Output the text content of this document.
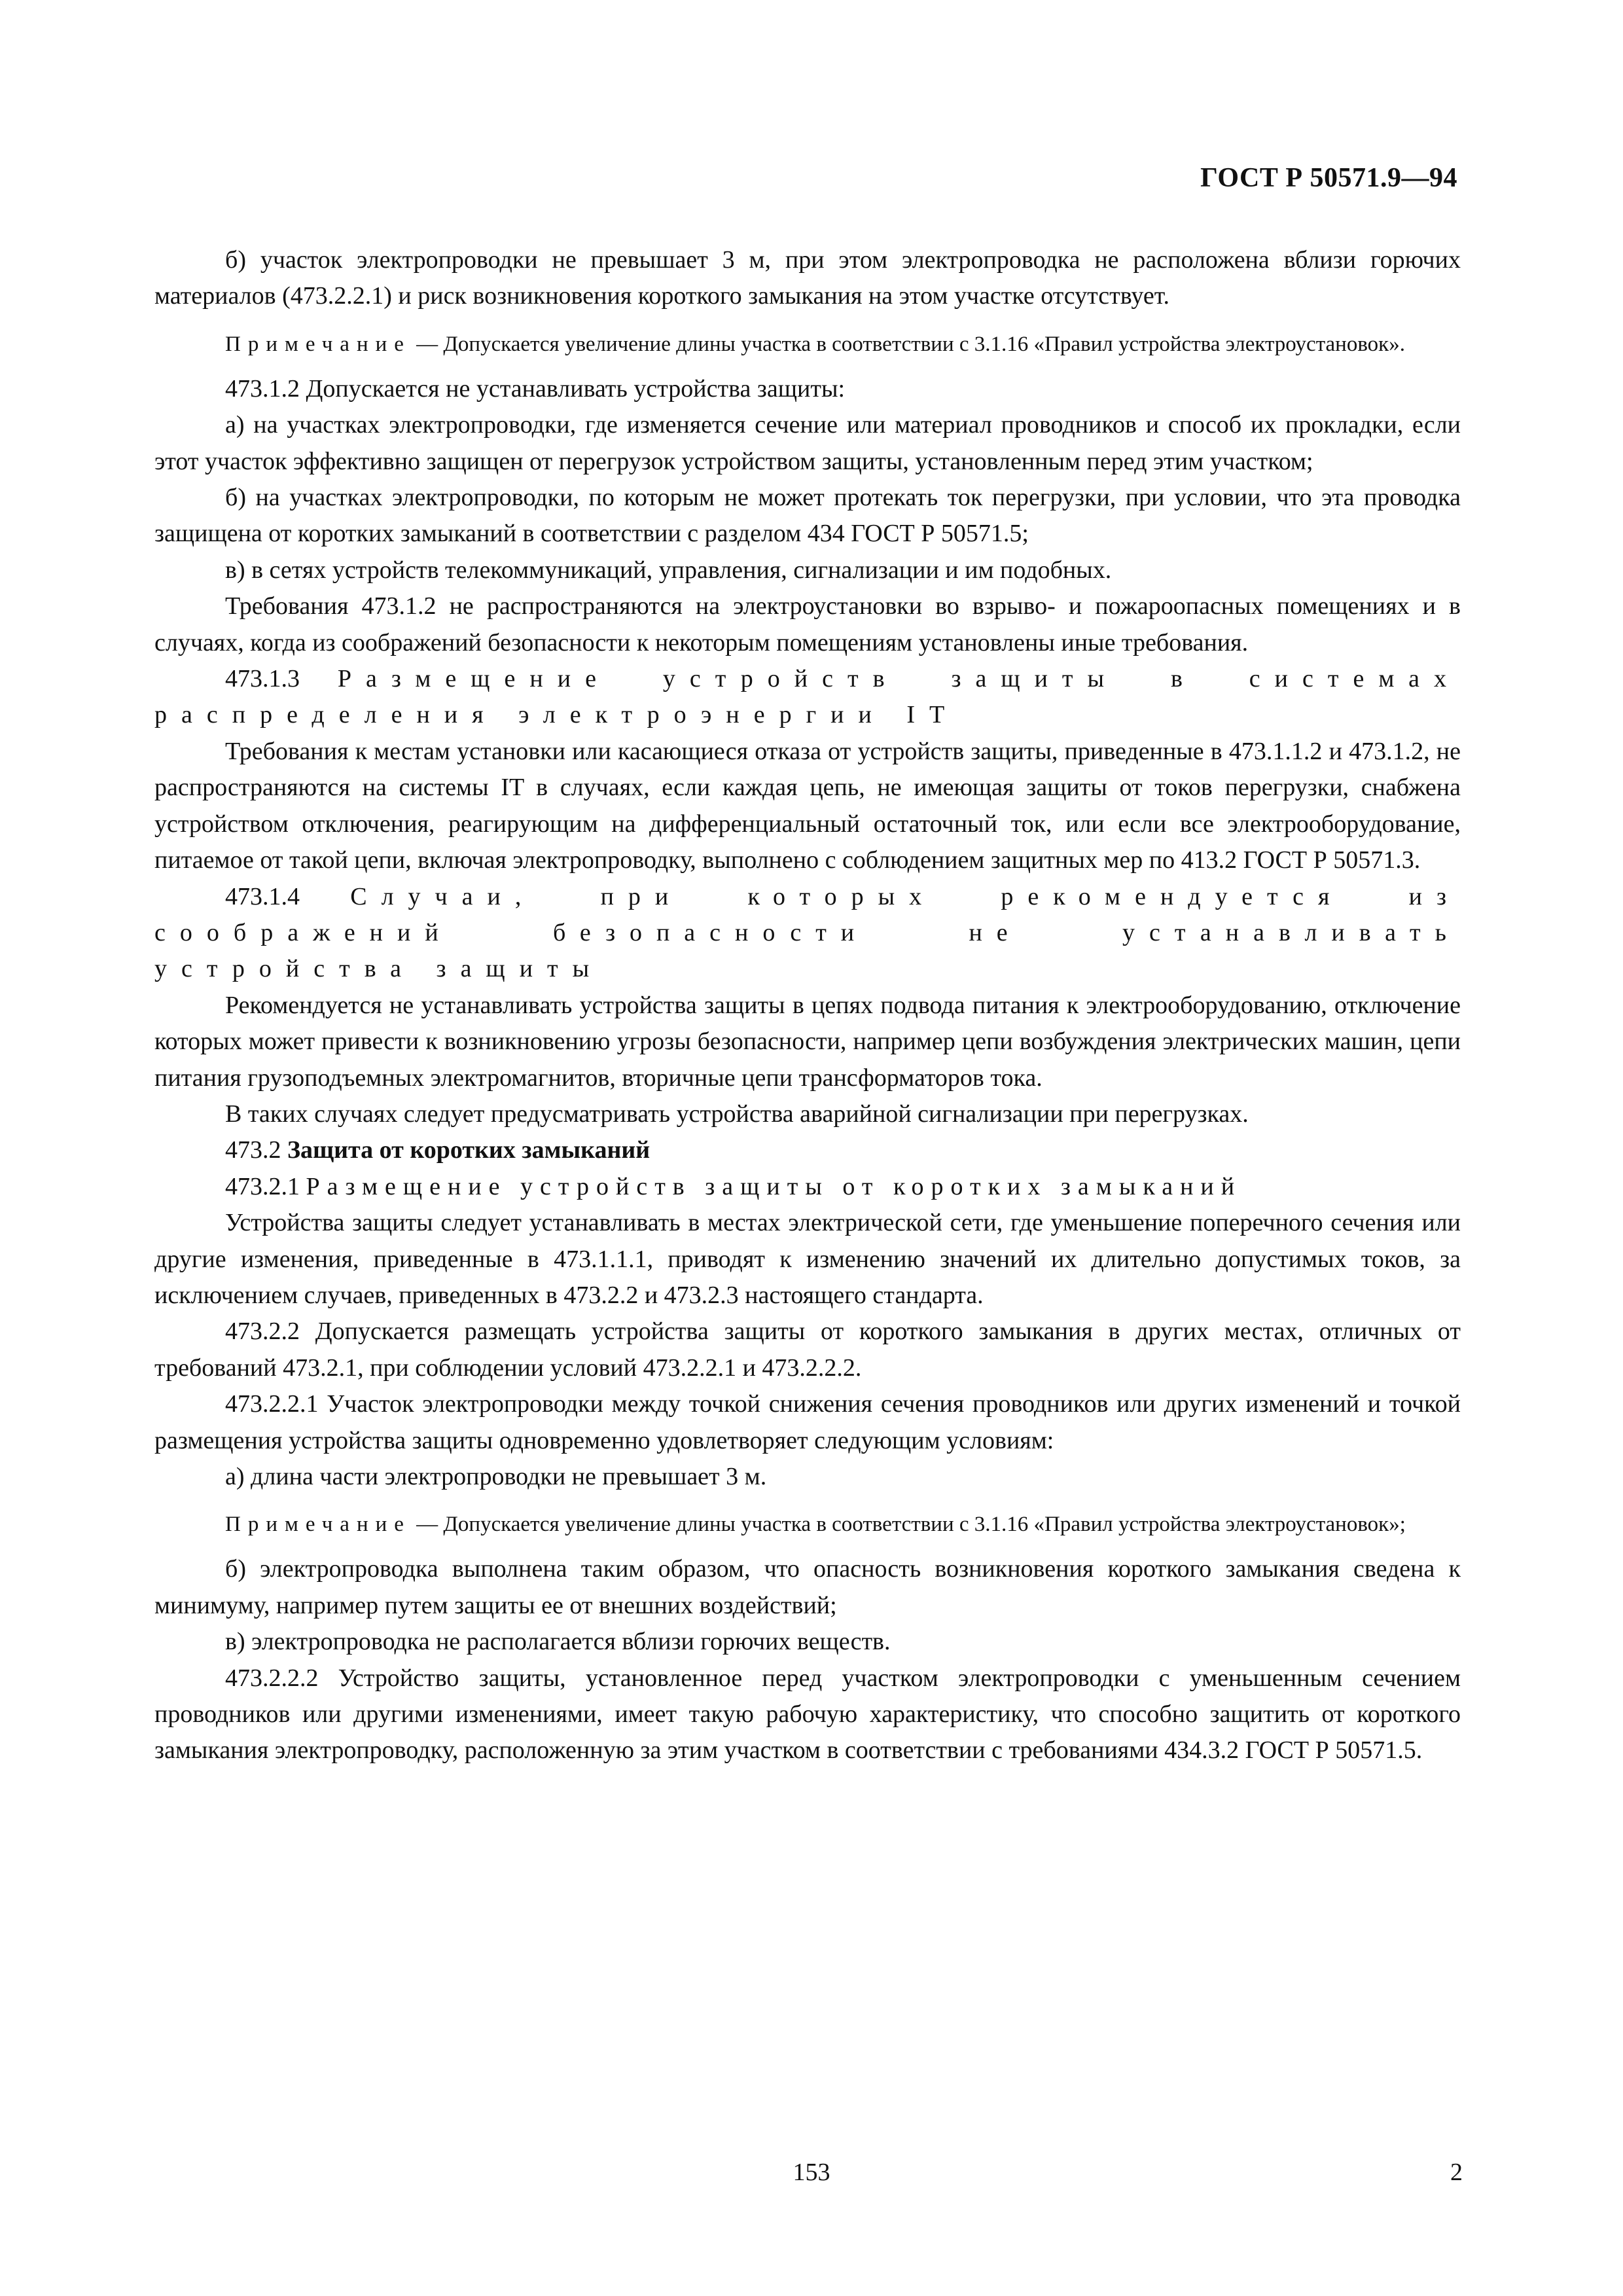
ГОСТ Р 50571.9—94

б) участок электропроводки не превышает 3 м, при этом электропроводка не расположена вблизи горючих материалов (473.2.2.1) и риск возникновения короткого замыкания на этом участке отсутствует.

Примечание — Допускается увеличение длины участка в соответствии с 3.1.16 «Правил устройства электроустановок».

473.1.2 Допускается не устанавливать устройства защиты:

а) на участках электропроводки, где изменяется сечение или материал проводников и способ их прокладки, если этот участок эффективно защищен от перегрузок устройством защиты, установленным перед этим участком;

б) на участках электропроводки, по которым не может протекать ток перегрузки, при условии, что эта проводка защищена от коротких замыканий в соответствии с разделом 434 ГОСТ Р 50571.5;

в) в сетях устройств телекоммуникаций, управления, сигнализации и им подобных.

Требования 473.1.2 не распространяются на электроустановки во взрыво- и пожароопасных помещениях и в случаях, когда из соображений безопасности к некоторым помещениям установлены иные требования.

473.1.3 Размещение устройств защиты в системах распределения электроэнергии IT

Требования к местам установки или касающиеся отказа от устройств защиты, приведенные в 473.1.1.2 и 473.1.2, не распространяются на системы IT в случаях, если каждая цепь, не имеющая защиты от токов перегрузки, снабжена устройством отключения, реагирующим на дифференциальный остаточный ток, или если все электрооборудование, питаемое от такой цепи, включая электропроводку, выполнено с соблюдением защитных мер по 413.2 ГОСТ Р 50571.3.

473.1.4 Случаи, при которых рекомендуется из соображений безопасности не устанавливать устройства защиты

Рекомендуется не устанавливать устройства защиты в цепях подвода питания к электрооборудованию, отключение которых может привести к возникновению угрозы безопасности, например цепи возбуждения электрических машин, цепи питания грузоподъемных электромагнитов, вторичные цепи трансформаторов тока.

В таких случаях следует предусматривать устройства аварийной сигнализации при перегрузках.

473.2 Защита от коротких замыканий

473.2.1 Размещение устройств защиты от коротких замыканий

Устройства защиты следует устанавливать в местах электрической сети, где уменьшение поперечного сечения или другие изменения, приведенные в 473.1.1.1, приводят к изменению значений их длительно допустимых токов, за исключением случаев, приведенных в 473.2.2 и 473.2.3 настоящего стандарта.

473.2.2 Допускается размещать устройства защиты от короткого замыкания в других местах, отличных от требований 473.2.1, при соблюдении условий 473.2.2.1 и 473.2.2.2.

473.2.2.1 Участок электропроводки между точкой снижения сечения проводников или других изменений и точкой размещения устройства защиты одновременно удовлетворяет следующим условиям:

а) длина части электропроводки не превышает 3 м.

Примечание — Допускается увеличение длины участка в соответствии с 3.1.16 «Правил устройства электроустановок»;

б) электропроводка выполнена таким образом, что опасность возникновения короткого замыкания сведена к минимуму, например путем защиты ее от внешних воздействий;

в) электропроводка не располагается вблизи горючих веществ.

473.2.2.2 Устройство защиты, установленное перед участком электропроводки с уменьшенным сечением проводников или другими изменениями, имеет такую рабочую характеристику, что способно защитить от короткого замыкания электропроводку, расположенную за этим участком в соответствии с требованиями 434.3.2 ГОСТ Р 50571.5.

153	2
